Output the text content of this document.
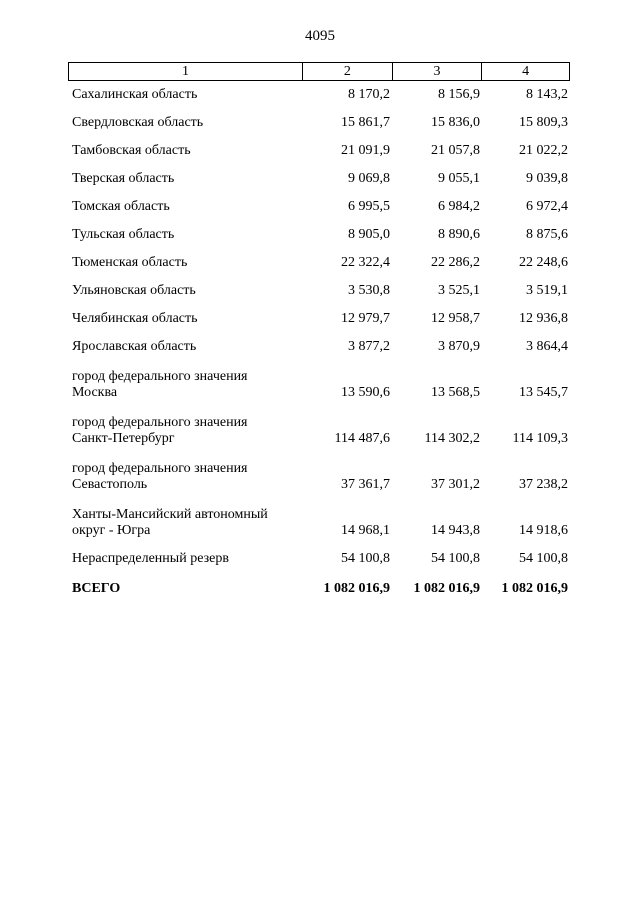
4095
1	2	3	4
Сахалинская область	8 170,2	8 156,9	8 143,2
Свердловская область	15 861,7	15 836,0	15 809,3
Тамбовская область	21 091,9	21 057,8	21 022,2
Тверская область	9 069,8	9 055,1	9 039,8
Томская область	6 995,5	6 984,2	6 972,4
Тульская область	8 905,0	8 890,6	8 875,6
Тюменская область	22 322,4	22 286,2	22 248,6
Ульяновская область	3 530,8	3 525,1	3 519,1
Челябинская область	12 979,7	12 958,7	12 936,8
Ярославская область	3 877,2	3 870,9	3 864,4
город федерального значения
Москва	13 590,6	13 568,5	13 545,7
город федерального значения
Санкт-Петербург	114 487,6	114 302,2	114 109,3
город федерального значения
Севастополь	37 361,7	37 301,2	37 238,2
Ханты-Мансийский автономный
округ - Югра	14 968,1	14 943,8	14 918,6
Нераспределенный резерв	54 100,8	54 100,8	54 100,8
ВСЕГО	1 082 016,9	1 082 016,9	1 082 016,9
